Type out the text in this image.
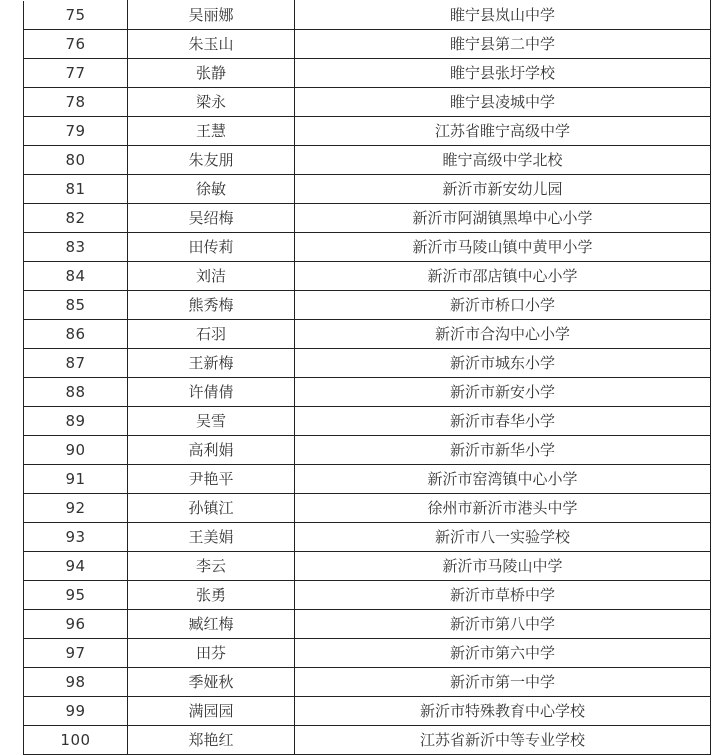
75	吴丽娜	睢宁县岚山中学
76	朱玉山	睢宁县第二中学
77	张静	睢宁县张圩学校
78	梁永	睢宁县凌城中学
79	王慧	江苏省睢宁高级中学
80	朱友朋	睢宁高级中学北校
81	徐敏	新沂市新安幼儿园
82	吴绍梅	新沂市阿湖镇黑埠中心小学
83	田传莉	新沂市马陵山镇中黄甲小学
84	刘洁	新沂市邵店镇中心小学
85	熊秀梅	新沂市桥口小学
86	石羽	新沂市合沟中心小学
87	王新梅	新沂市城东小学
88	许倩倩	新沂市新安小学
89	吴雪	新沂市春华小学
90	高利娟	新沂市新华小学
91	尹艳平	新沂市窑湾镇中心小学
92	孙镇江	徐州市新沂市港头中学
93	王美娟	新沂市八一实验学校
94	李云	新沂市马陵山中学
95	张勇	新沂市草桥中学
96	臧红梅	新沂市第八中学
97	田芬	新沂市第六中学
98	季娅秋	新沂市第一中学
99	满园园	新沂市特殊教育中心学校
100	郑艳红	江苏省新沂中等专业学校
